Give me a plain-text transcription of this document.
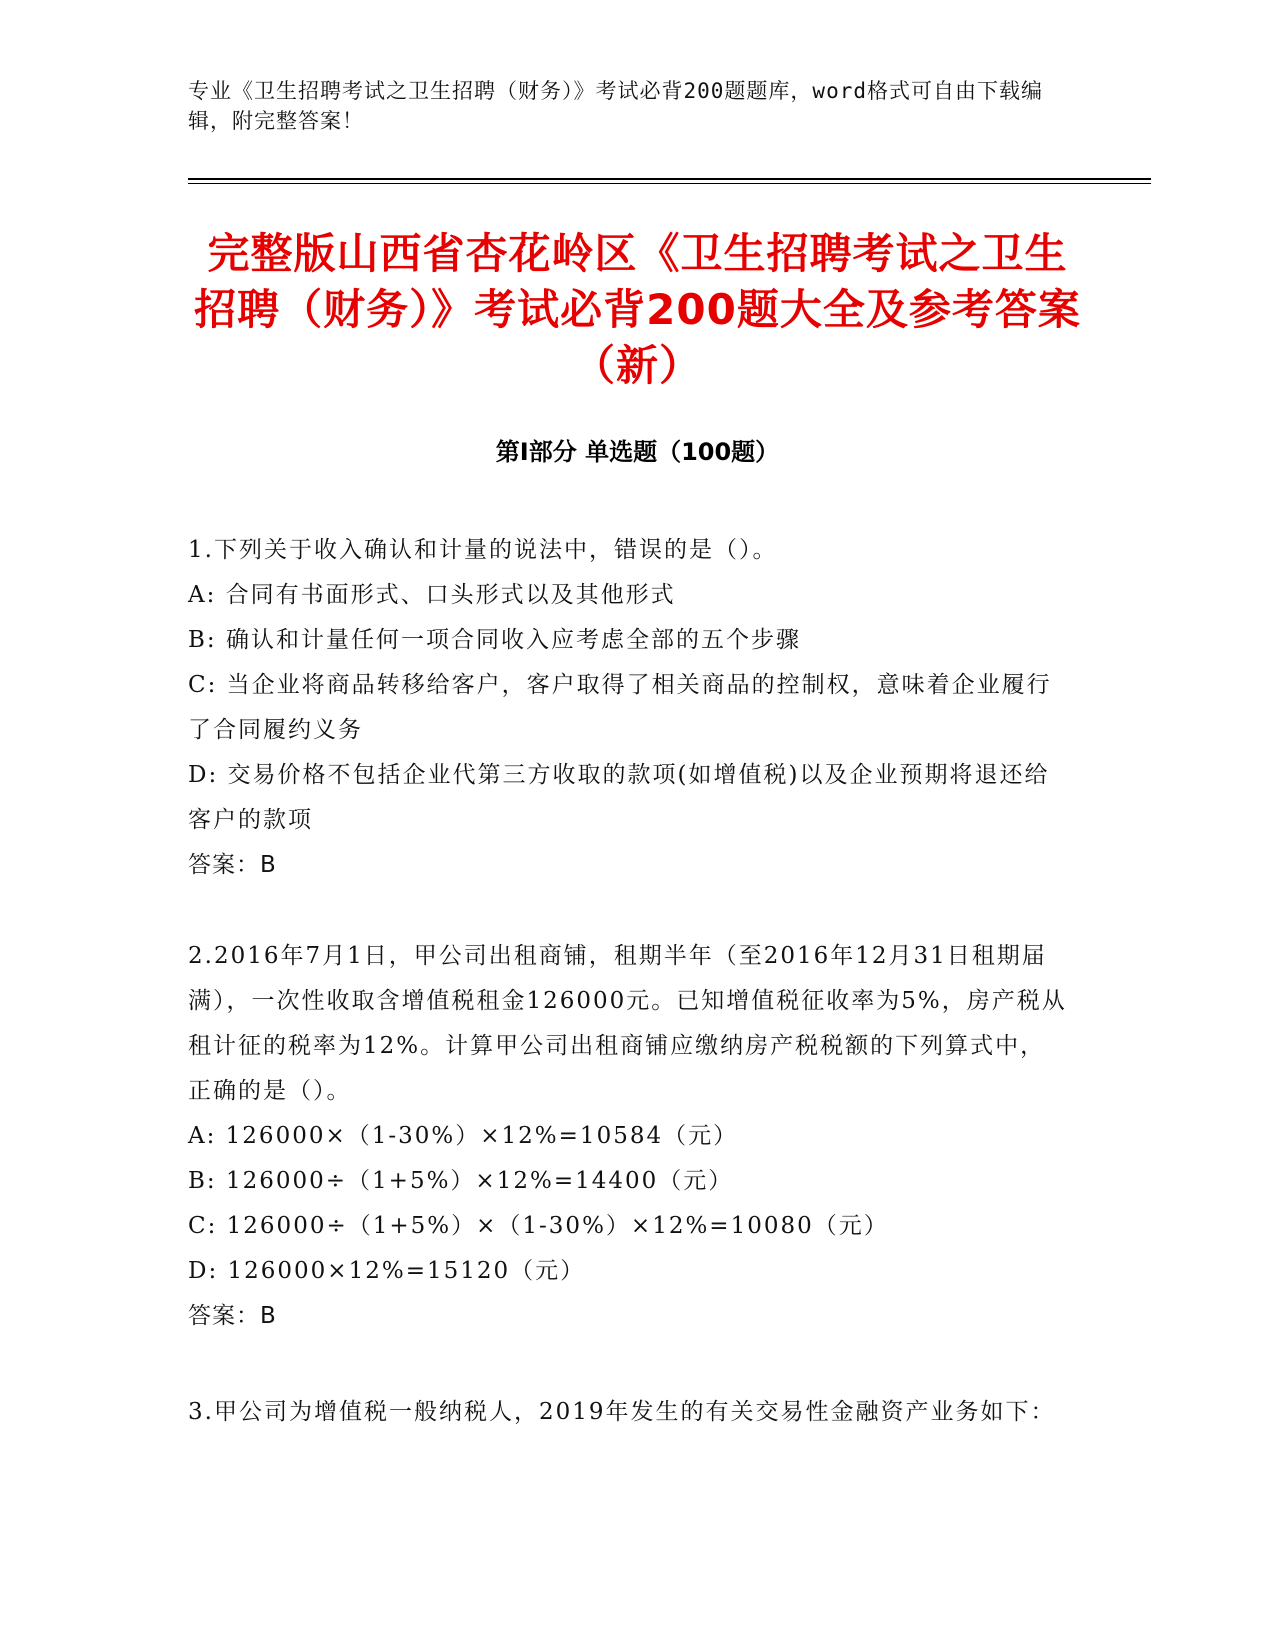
专业《卫生招聘考试之卫生招聘（财务）》考试必背200题题库，word格式可自由下载编辑，附完整答案！
完整版山西省杏花岭区《卫生招聘考试之卫生招聘（财务）》考试必背200题大全及参考答案（新）
第I部分 单选题（100题）

1.下列关于收入确认和计量的说法中，错误的是（）。

A: 合同有书面形式、口头形式以及其他形式

B: 确认和计量任何一项合同收入应考虑全部的五个步骤

C: 当企业将商品转移给客户，客户取得了相关商品的控制权，意味着企业履行了合同履约义务

D: 交易价格不包括企业代第三方收取的款项(如增值税)以及企业预期将退还给客户的款项

答案：B

2.2016年7月1日，甲公司出租商铺，租期半年（至2016年12月31日租期届满），一次性收取含增值税租金126000元。已知增值税征收率为5%，房产税从租计征的税率为12%。计算甲公司出租商铺应缴纳房产税税额的下列算式中，正确的是（）。

A: 126000×（1-30%）×12%=10584（元）

B: 126000÷（1+5%）×12%=14400（元）

C: 126000÷（1+5%）×（1-30%）×12%=10080（元）

D: 126000×12%=15120（元）

答案：B

3.甲公司为增值税一般纳税人，2019年发生的有关交易性金融资产业务如下：
